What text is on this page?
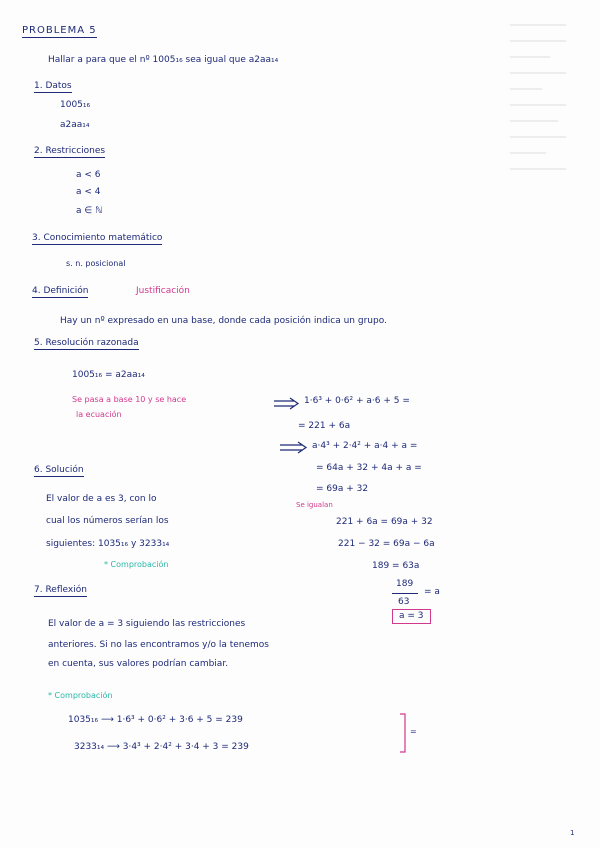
PROBLEMA 5
Hallar a para que el nº 1005₁₆ sea igual que a2aa₁₄
1. Datos
1005₁₆
a2aa₁₄
2. Restricciones
a < 6
a < 4
a ∈ ℕ
3. Conocimiento matemático
s. n. posicional
4. Definición	Justificación
Hay un nº expresado en una base, donde cada posición indica un grupo.
5. Resolución razonada
1005₁₆ = a2aa₁₄
Se pasa a base 10 y se hace
la ecuación
1·6³ + 0·6² + a·6 + 5 =
= 221 + 6a
a·4³ + 2·4² + a·4 + a =
= 64a + 32 + 4a + a =
= 69a + 32
Se igualan
221 + 6a = 69a + 32
221 − 32 = 69a − 6a
189 = 63a
189
63
= a
a = 3
6. Solución
El valor de a es 3, con lo
cual los números serían los
siguientes: 1035₁₆ y 3233₁₄
* Comprobación
7. Reflexión
El valor de a = 3 siguiendo las restricciones
anteriores. Si no las encontramos y/o la tenemos
en cuenta, sus valores podrían cambiar.
* Comprobación
1035₁₆ ⟶ 1·6³ + 0·6² + 3·6 + 5 = 239
3233₁₄ ⟶ 3·4³ + 2·4² + 3·4 + 3 = 239
=
1
